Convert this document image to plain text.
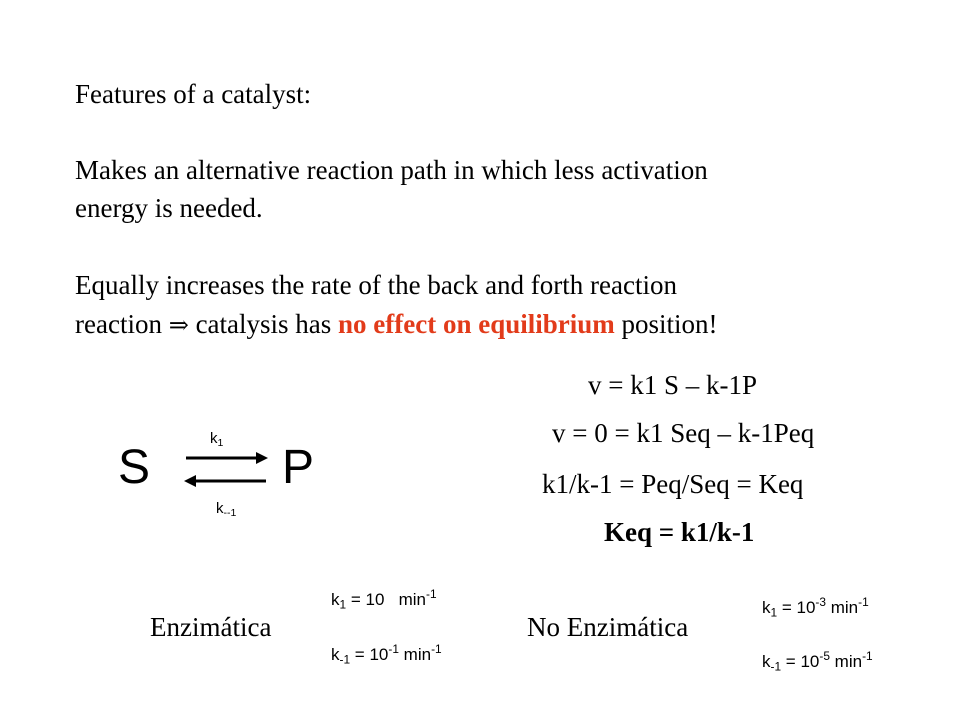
Features of a catalyst:
Makes an alternative reaction path in which less activation
energy is needed.
Equally increases the rate of the back and forth reaction
reaction ⇒ catalysis has no effect on equilibrium position!
v = k1 S – k-1P
v = 0 = k1 Seq – k-1Peq
k1/k-1 = Peq/Seq = Keq
Keq = k1/k-1
S	P
$k_1$
$k_{--1}$
Enzimática
$k_1 = 10$   $\min^{-1}$
$k_{-1} = 10^{-1}$ $\min^{-1}$
No Enzimática
$k_1 = 10^{-3}$ $\min^{-1}$
$k_{-1} = 10^{-5}$ $\min^{-1}$
